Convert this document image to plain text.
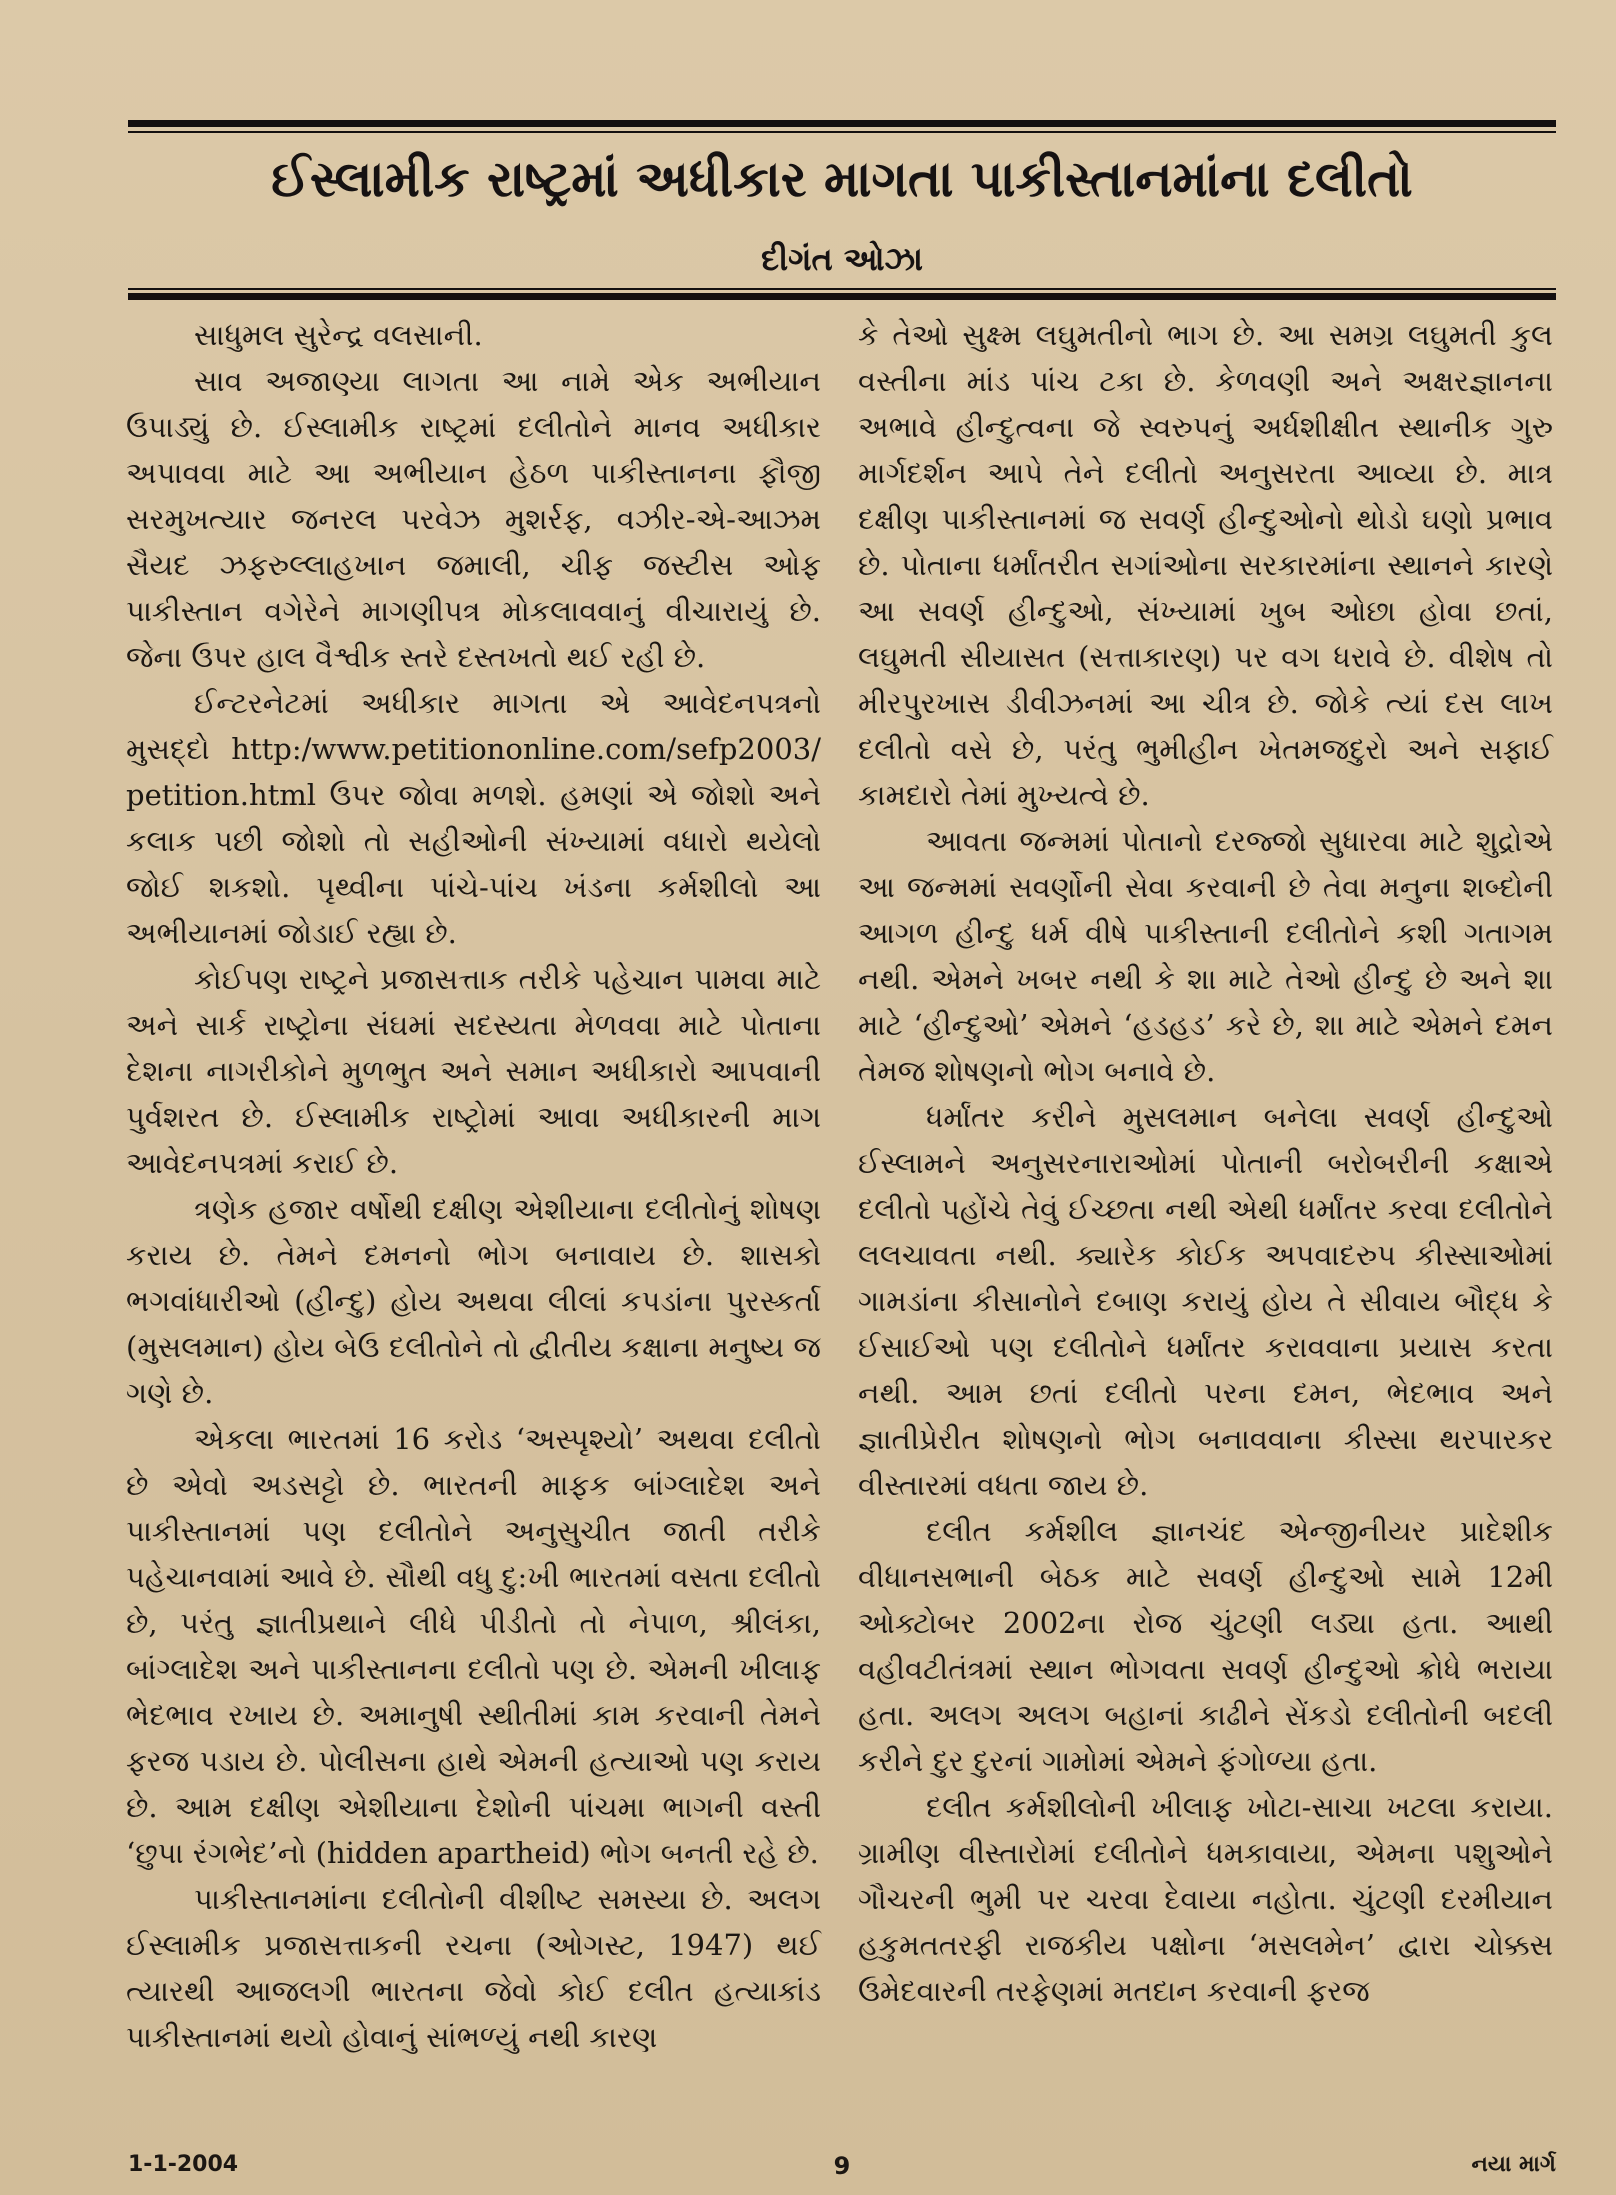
ઈસ્લામીક રાષ્ટ્રમાં અધીકાર માગતા પાકીસ્તાનમાંના દલીતો
દીગંત ઓઝા

સાધુમલ સુરેન્દ્ર વલસાની.

સાવ અજાણ્યા લાગતા આ નામે એક અભીયાન ઉપાડ્યું છે. ઈસ્લામીક રાષ્ટ્રમાં દલીતોને માનવ અધીકાર અપાવવા માટે આ અભીયાન હેઠળ પાકીસ્તાનના ફૌજી સરમુખત્યાર જનરલ પરવેઝ મુશર્રફ, વઝીર-એ-આઝમ સૈયદ ઝફરુલ્લાહખાન જમાલી, ચીફ જસ્ટીસ ઓફ પાકીસ્તાન વગેરેને માગણીપત્ર મોકલાવવાનું વીચારાયું છે. જેના ઉપર હાલ વૈશ્વીક સ્તરે દસ્તખતો થઈ રહી છે.

ઈન્ટરનેટમાં અધીકાર માગતા એ આવેદનપત્રનો મુસદ્દો http:/www.petitiononline.com/sefp2003/ petition.html ઉપર જોવા મળશે. હમણાં એ જોશો અને કલાક પછી જોશો તો સહીઓની સંખ્યામાં વધારો થયેલો જોઈ શકશો. પૃથ્વીના પાંચે-પાંચ ખંડના કર્મશીલો આ અભીયાનમાં જોડાઈ રહ્યા છે.

કોઈપણ રાષ્ટ્રને પ્રજાસત્તાક તરીકે પહેચાન પામવા માટે અને સાર્ક રાષ્ટ્રોના સંઘમાં સદસ્યતા મેળવવા માટે પોતાના દેશના નાગરીકોને મુળભુત અને સમાન અધીકારો આપવાની પુર્વશરત છે. ઈસ્લામીક રાષ્ટ્રોમાં આવા અધીકારની માગ આવેદનપત્રમાં કરાઈ છે.

ત્રણેક હજાર વર્ષોથી દક્ષીણ એશીયાના દલીતોનું શોષણ કરાય છે. તેમને દમનનો ભોગ બનાવાય છે. શાસકો ભગવાંધારીઓ (હીન્દુ) હોય અથવા લીલાં કપડાંના પુરસ્કર્તા (મુસલમાન) હોય બેઉ દલીતોને તો દ્વીતીય કક્ષાના મનુષ્ય જ ગણે છે.

એકલા ભારતમાં 16 કરોડ ‘અસ્પૃશ્યો’ અથવા દલીતો છે એવો અડસટ્ટો છે. ભારતની માફક બાંગ્લાદેશ અને પાકીસ્તાનમાં પણ દલીતોને અનુસુચીત જાતી તરીકે પહેચાનવામાં આવે છે. સૌથી વધુ દુ:ખી ભારતમાં વસતા દલીતો છે, પરંતુ જ્ઞાતીપ્રથાને લીધે પીડીતો તો નેપાળ, શ્રીલંકા, બાંગ્લાદેશ અને પાકીસ્તાનના દલીતો પણ છે. એમની ખીલાફ ભેદભાવ રખાય છે. અમાનુષી સ્થીતીમાં કામ કરવાની તેમને ફરજ પડાય છે. પોલીસના હાથે એમની હત્યાઓ પણ કરાય છે. આમ દક્ષીણ એશીયાના દેશોની પાંચમા ભાગની વસ્તી ‘છુપા રંગભેદ’નો (hidden apartheid) ભોગ બનતી રહે છે.

પાકીસ્તાનમાંના દલીતોની વીશીષ્ટ સમસ્યા છે. અલગ ઈસ્લામીક પ્રજાસત્તાકની રચના (ઓગસ્ટ, 1947) થઈ ત્યારથી આજલગી ભારતના જેવો કોઈ દલીત હત્યાકાંડ પાકીસ્તાનમાં થયો હોવાનું સાંભળ્યું નથી કારણ

કે તેઓ સુક્ષ્મ લઘુમતીનો ભાગ છે. આ સમગ્ર લઘુમતી કુલ વસ્તીના માંડ પાંચ ટકા છે. કેળવણી અને અક્ષરજ્ઞાનના અભાવે હીન્દુત્વના જે સ્વરુપનું અર્ધશીક્ષીત સ્થાનીક ગુરુ માર્ગદર્શન આપે તેને દલીતો અનુસરતા આવ્યા છે. માત્ર દક્ષીણ પાકીસ્તાનમાં જ સવર્ણ હીન્દુઓનો થોડો ઘણો પ્રભાવ છે. પોતાના ધર્માંતરીત સગાંઓના સરકારમાંના સ્થાનને કારણે આ સવર્ણ હીન્દુઓ, સંખ્યામાં ખુબ ઓછા હોવા છતાં, લઘુમતી સીયાસત (સત્તાકારણ) પર વગ ધરાવે છે. વીશેષ તો મીરપુરખાસ ડીવીઝનમાં આ ચીત્ર છે. જોકે ત્યાં દસ લાખ દલીતો વસે છે, પરંતુ ભુમીહીન ખેતમજદુરો અને સફાઈ કામદારો તેમાં મુખ્યત્વે છે.

આવતા જન્મમાં પોતાનો દરજ્જો સુધારવા માટે શુદ્રોએ આ જન્મમાં સવર્ણોની સેવા કરવાની છે તેવા મનુના શબ્દોની આગળ હીન્દુ ધર્મ વીષે પાકીસ્તાની દલીતોને કશી ગતાગમ નથી. એમને ખબર નથી કે શા માટે તેઓ હીન્દુ છે અને શા માટે ‘હીન્દુઓ’ એમને ‘હડહડ’ કરે છે, શા માટે એમને દમન તેમજ શોષણનો ભોગ બનાવે છે.

ધર્માંતર કરીને મુસલમાન બનેલા સવર્ણ હીન્દુઓ ઈસ્લામને અનુસરનારાઓમાં પોતાની બરોબરીની કક્ષાએ દલીતો પહોંચે તેવું ઈચ્છતા નથી એથી ધર્માંતર કરવા દલીતોને લલચાવતા નથી. ક્યારેક કોઈક અપવાદરુપ કીસ્સાઓમાં ગામડાંના કીસાનોને દબાણ કરાયું હોય તે સીવાય બૌદ્ધ કે ઈસાઈઓ પણ દલીતોને ધર્માંતર કરાવવાના પ્રયાસ કરતા નથી. આમ છતાં દલીતો પરના દમન, ભેદભાવ અને જ્ઞાતીપ્રેરીત શોષણનો ભોગ બનાવવાના કીસ્સા થરપારકર વીસ્તારમાં વધતા જાય છે.

દલીત કર્મશીલ જ્ઞાનચંદ એન્જીનીયર પ્રાદેશીક વીધાનસભાની બેઠક માટે સવર્ણ હીન્દુઓ સામે 12મી ઓક્ટોબર 2002ના રોજ ચુંટણી લડ્યા હતા. આથી વહીવટીતંત્રમાં સ્થાન ભોગવતા સવર્ણ હીન્દુઓ ક્રોધે ભરાયા હતા. અલગ અલગ બહાનાં કાઢીને સેંકડો દલીતોની બદલી કરીને દુર દુરનાં ગામોમાં એમને ફંગોળ્યા હતા.

દલીત કર્મશીલોની ખીલાફ ખોટા-સાચા ખટલા કરાયા. ગ્રામીણ વીસ્તારોમાં દલીતોને ધમકાવાયા, એમના પશુઓને ગૌચરની ભુમી પર ચરવા દેવાયા નહોતા. ચુંટણી દરમીયાન હકુમતતરફી રાજકીય પક્ષોના ‘મસલમેન’ દ્વારા ચોક્કસ ઉમેદવારની તરફેણમાં મતદાન કરવાની ફરજ

1-1-2004	9	નયા માર્ગ
